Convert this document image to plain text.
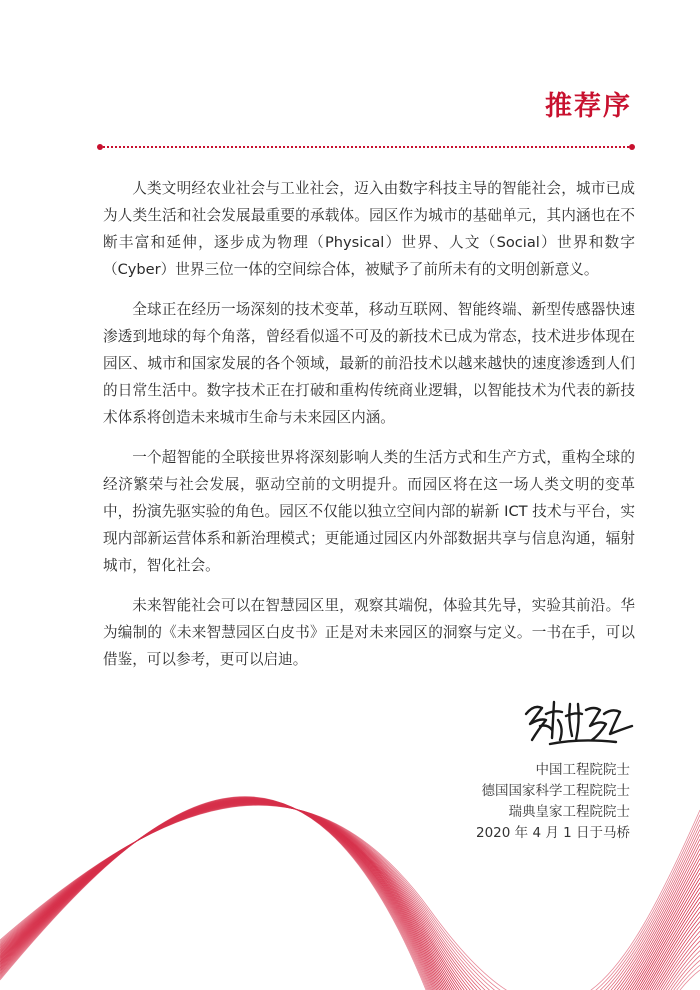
推荐序

人类文明经农业社会与工业社会，迈入由数字科技主导的智能社会，城市已成为人类生活和社会发展最重要的承载体。园区作为城市的基础单元，其内涵也在不断丰富和延伸，逐步成为物理（Physical）世界、人文（Social）世界和数字（Cyber）世界三位一体的空间综合体，被赋予了前所未有的文明创新意义。

全球正在经历一场深刻的技术变革，移动互联网、智能终端、新型传感器快速渗透到地球的每个角落，曾经看似遥不可及的新技术已成为常态，技术进步体现在园区、城市和国家发展的各个领域，最新的前沿技术以越来越快的速度渗透到人们的日常生活中。数字技术正在打破和重构传统商业逻辑，以智能技术为代表的新技术体系将创造未来城市生命与未来园区内涵。

一个超智能的全联接世界将深刻影响人类的生活方式和生产方式，重构全球的经济繁荣与社会发展，驱动空前的文明提升。而园区将在这一场人类文明的变革中，扮演先驱实验的角色。园区不仅能以独立空间内部的崭新 ICT 技术与平台，实现内部新运营体系和新治理模式；更能通过园区内外部数据共享与信息沟通，辐射城市，智化社会。

未来智能社会可以在智慧园区里，观察其端倪，体验其先导，实验其前沿。华为编制的《未来智慧园区白皮书》正是对未来园区的洞察与定义。一书在手，可以借鉴，可以参考，更可以启迪。

中国工程院院士
德国国家科学工程院院士
瑞典皇家工程院院士
2020 年 4 月 1 日于马桥
